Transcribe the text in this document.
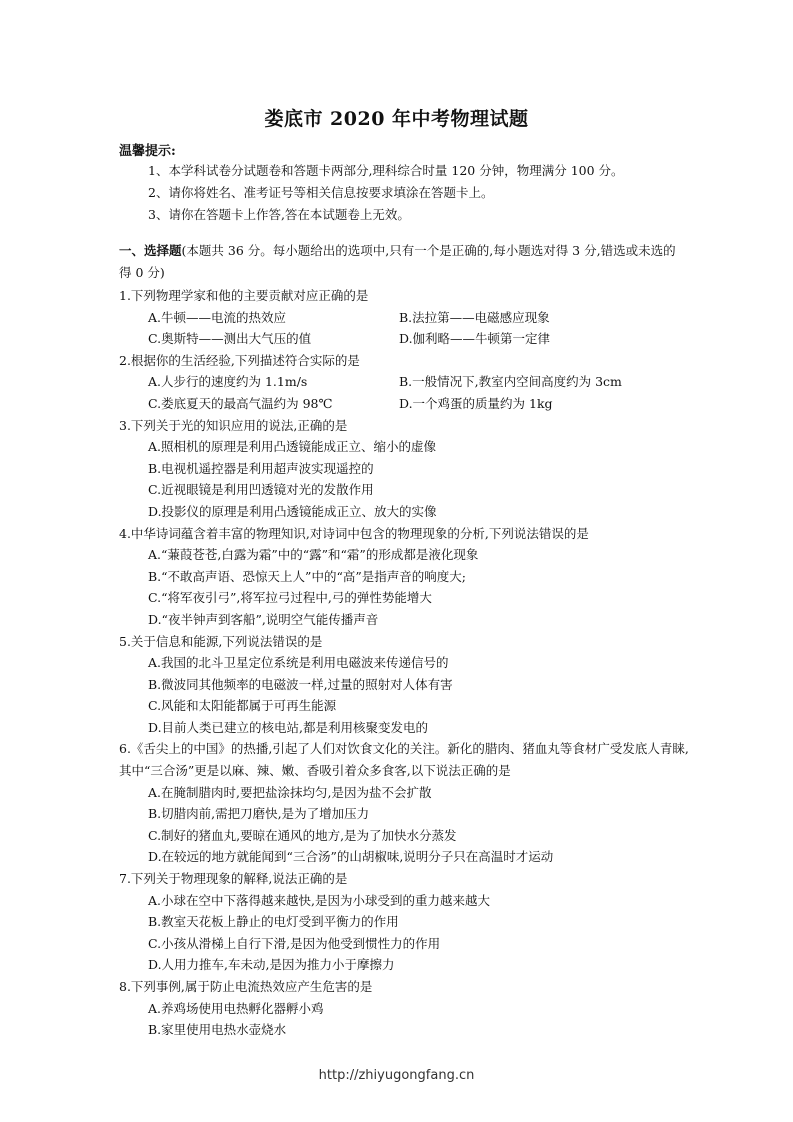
娄底市 2020 年中考物理试题
温馨提示:
1、本学科试卷分试题卷和答题卡两部分,理科综合时量 120 分钟，物理满分 100 分。
2、请你将姓名、准考证号等相关信息按要求填涂在答题卡上。
3、请你在答题卡上作答,答在本试题卷上无效。
一、选择题(本题共 36 分。每小题给出的选项中,只有一个是正确的,每小题选对得 3 分,错选或未选的得 0 分)
1.下列物理学家和他的主要贡献对应正确的是
A.牛顿——电流的热效应	B.法拉第——电磁感应现象
C.奥斯特——测出大气压的值	D.伽利略——牛顿第一定律
2.根据你的生活经验,下列描述符合实际的是
A.人步行的速度约为 1.1m/s	B.一般情况下,教室内空间高度约为 3cm
C.娄底夏天的最高气温约为 98℃	D.一个鸡蛋的质量约为 1kg
3.下列关于光的知识应用的说法,正确的是
A.照相机的原理是利用凸透镜能成正立、缩小的虚像
B.电视机遥控器是利用超声波实现遥控的
C.近视眼镜是利用凹透镜对光的发散作用
D.投影仪的原理是利用凸透镜能成正立、放大的实像
4.中华诗词蕴含着丰富的物理知识,对诗词中包含的物理现象的分析,下列说法错误的是
A.“蒹葭苍苍,白露为霜”中的“露”和“霜”的形成都是液化现象
B.“不敢高声语、恐惊天上人”中的“高”是指声音的响度大;
C.“将军夜引弓”,将军拉弓过程中,弓的弹性势能增大
D.“夜半钟声到客船”,说明空气能传播声音
5.关于信息和能源,下列说法错误的是
A.我国的北斗卫星定位系统是利用电磁波来传递信号的
B.微波同其他频率的电磁波一样,过量的照射对人体有害
C.风能和太阳能都属于可再生能源
D.目前人类已建立的核电站,都是利用核聚变发电的
6.《舌尖上的中国》的热播,引起了人们对饮食文化的关注。新化的腊肉、猪血丸等食材广受发底人青睐,其中“三合汤”更是以麻、辣、嫩、香吸引着众多食客,以下说法正确的是
A.在腌制腊肉时,要把盐涂抹均匀,是因为盐不会扩散
B.切腊肉前,需把刀磨快,是为了增加压力
C.制好的猪血丸,要晾在通风的地方,是为了加快水分蒸发
D.在较远的地方就能闻到“三合汤”的山胡椒味,说明分子只在高温时才运动
7.下列关于物理现象的解释,说法正确的是
A.小球在空中下落得越来越快,是因为小球受到的重力越来越大
B.教室天花板上静止的电灯受到平衡力的作用
C.小孩从滑梯上自行下滑,是因为他受到惯性力的作用
D.人用力推车,车未动,是因为推力小于摩擦力
8.下列事例,属于防止电流热效应产生危害的是
A.养鸡场使用电热孵化器孵小鸡
B.家里使用电热水壶烧水
http://zhiyugongfang.cn
